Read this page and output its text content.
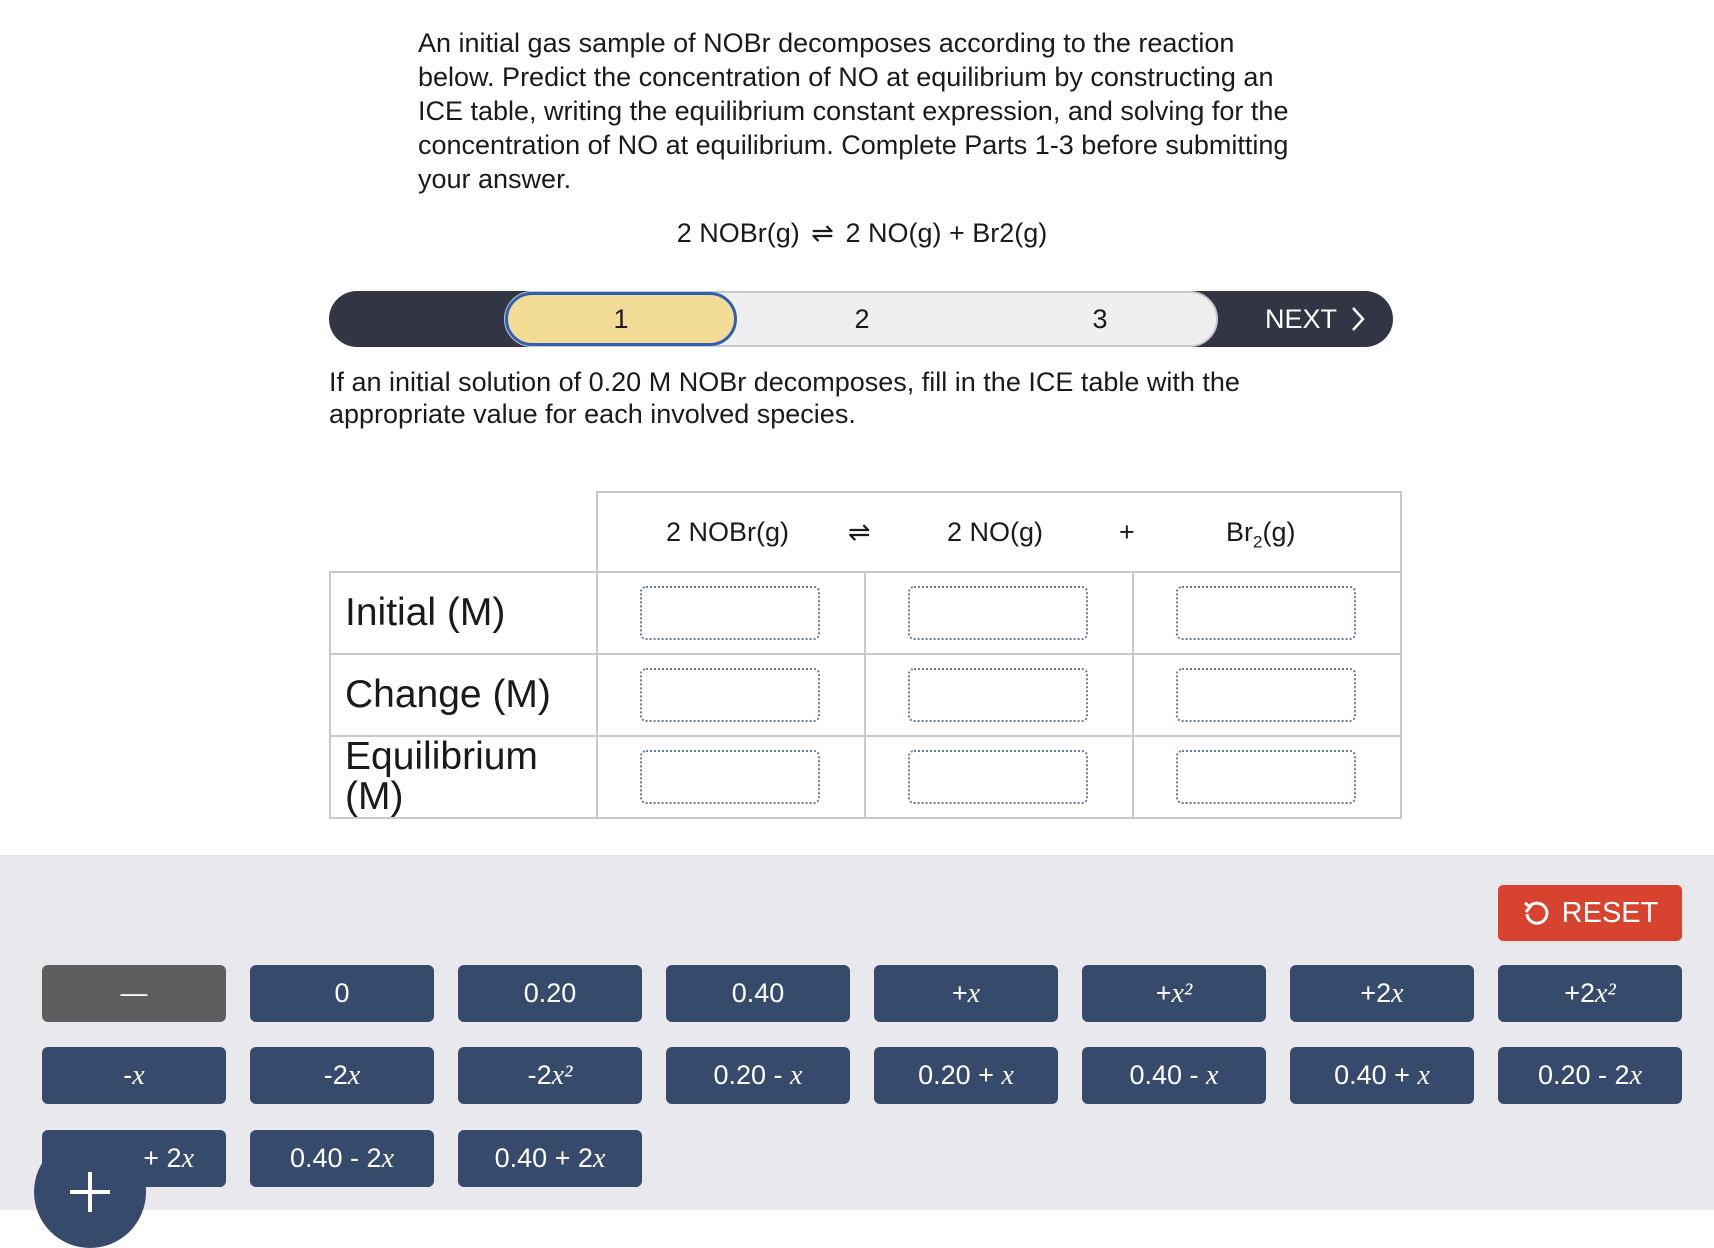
An initial gas sample of NOBr decomposes according to the reaction below. Predict the concentration of NO at equilibrium by constructing an ICE table, writing the equilibrium constant expression, and solving for the concentration of NO at equilibrium. Complete Parts 1-3 before submitting your answer.
2 NOBr(g) ⇌ 2 NO(g) + Br2(g)
1	2	3	NEXT
If an initial solution of 0.20 M NOBr decomposes, fill in the ICE table with the appropriate value for each involved species.

	2 NOBr(g) ⇌ 2 $NO(g) + Br_2(g)$		

Initial (M)	

Change (M)	

Equilibrium (M)	

RESET
—	0	0.20	0.40	+ x	+ x²	+2 x	+2 x²
- x	-2 x	-2 x²	0.20 - x	0.20 + x	0.40 - x	0.40 + x	0.20 - 2 x
+ 2 x	0.40 - 2 x	0.40 + 2 x
